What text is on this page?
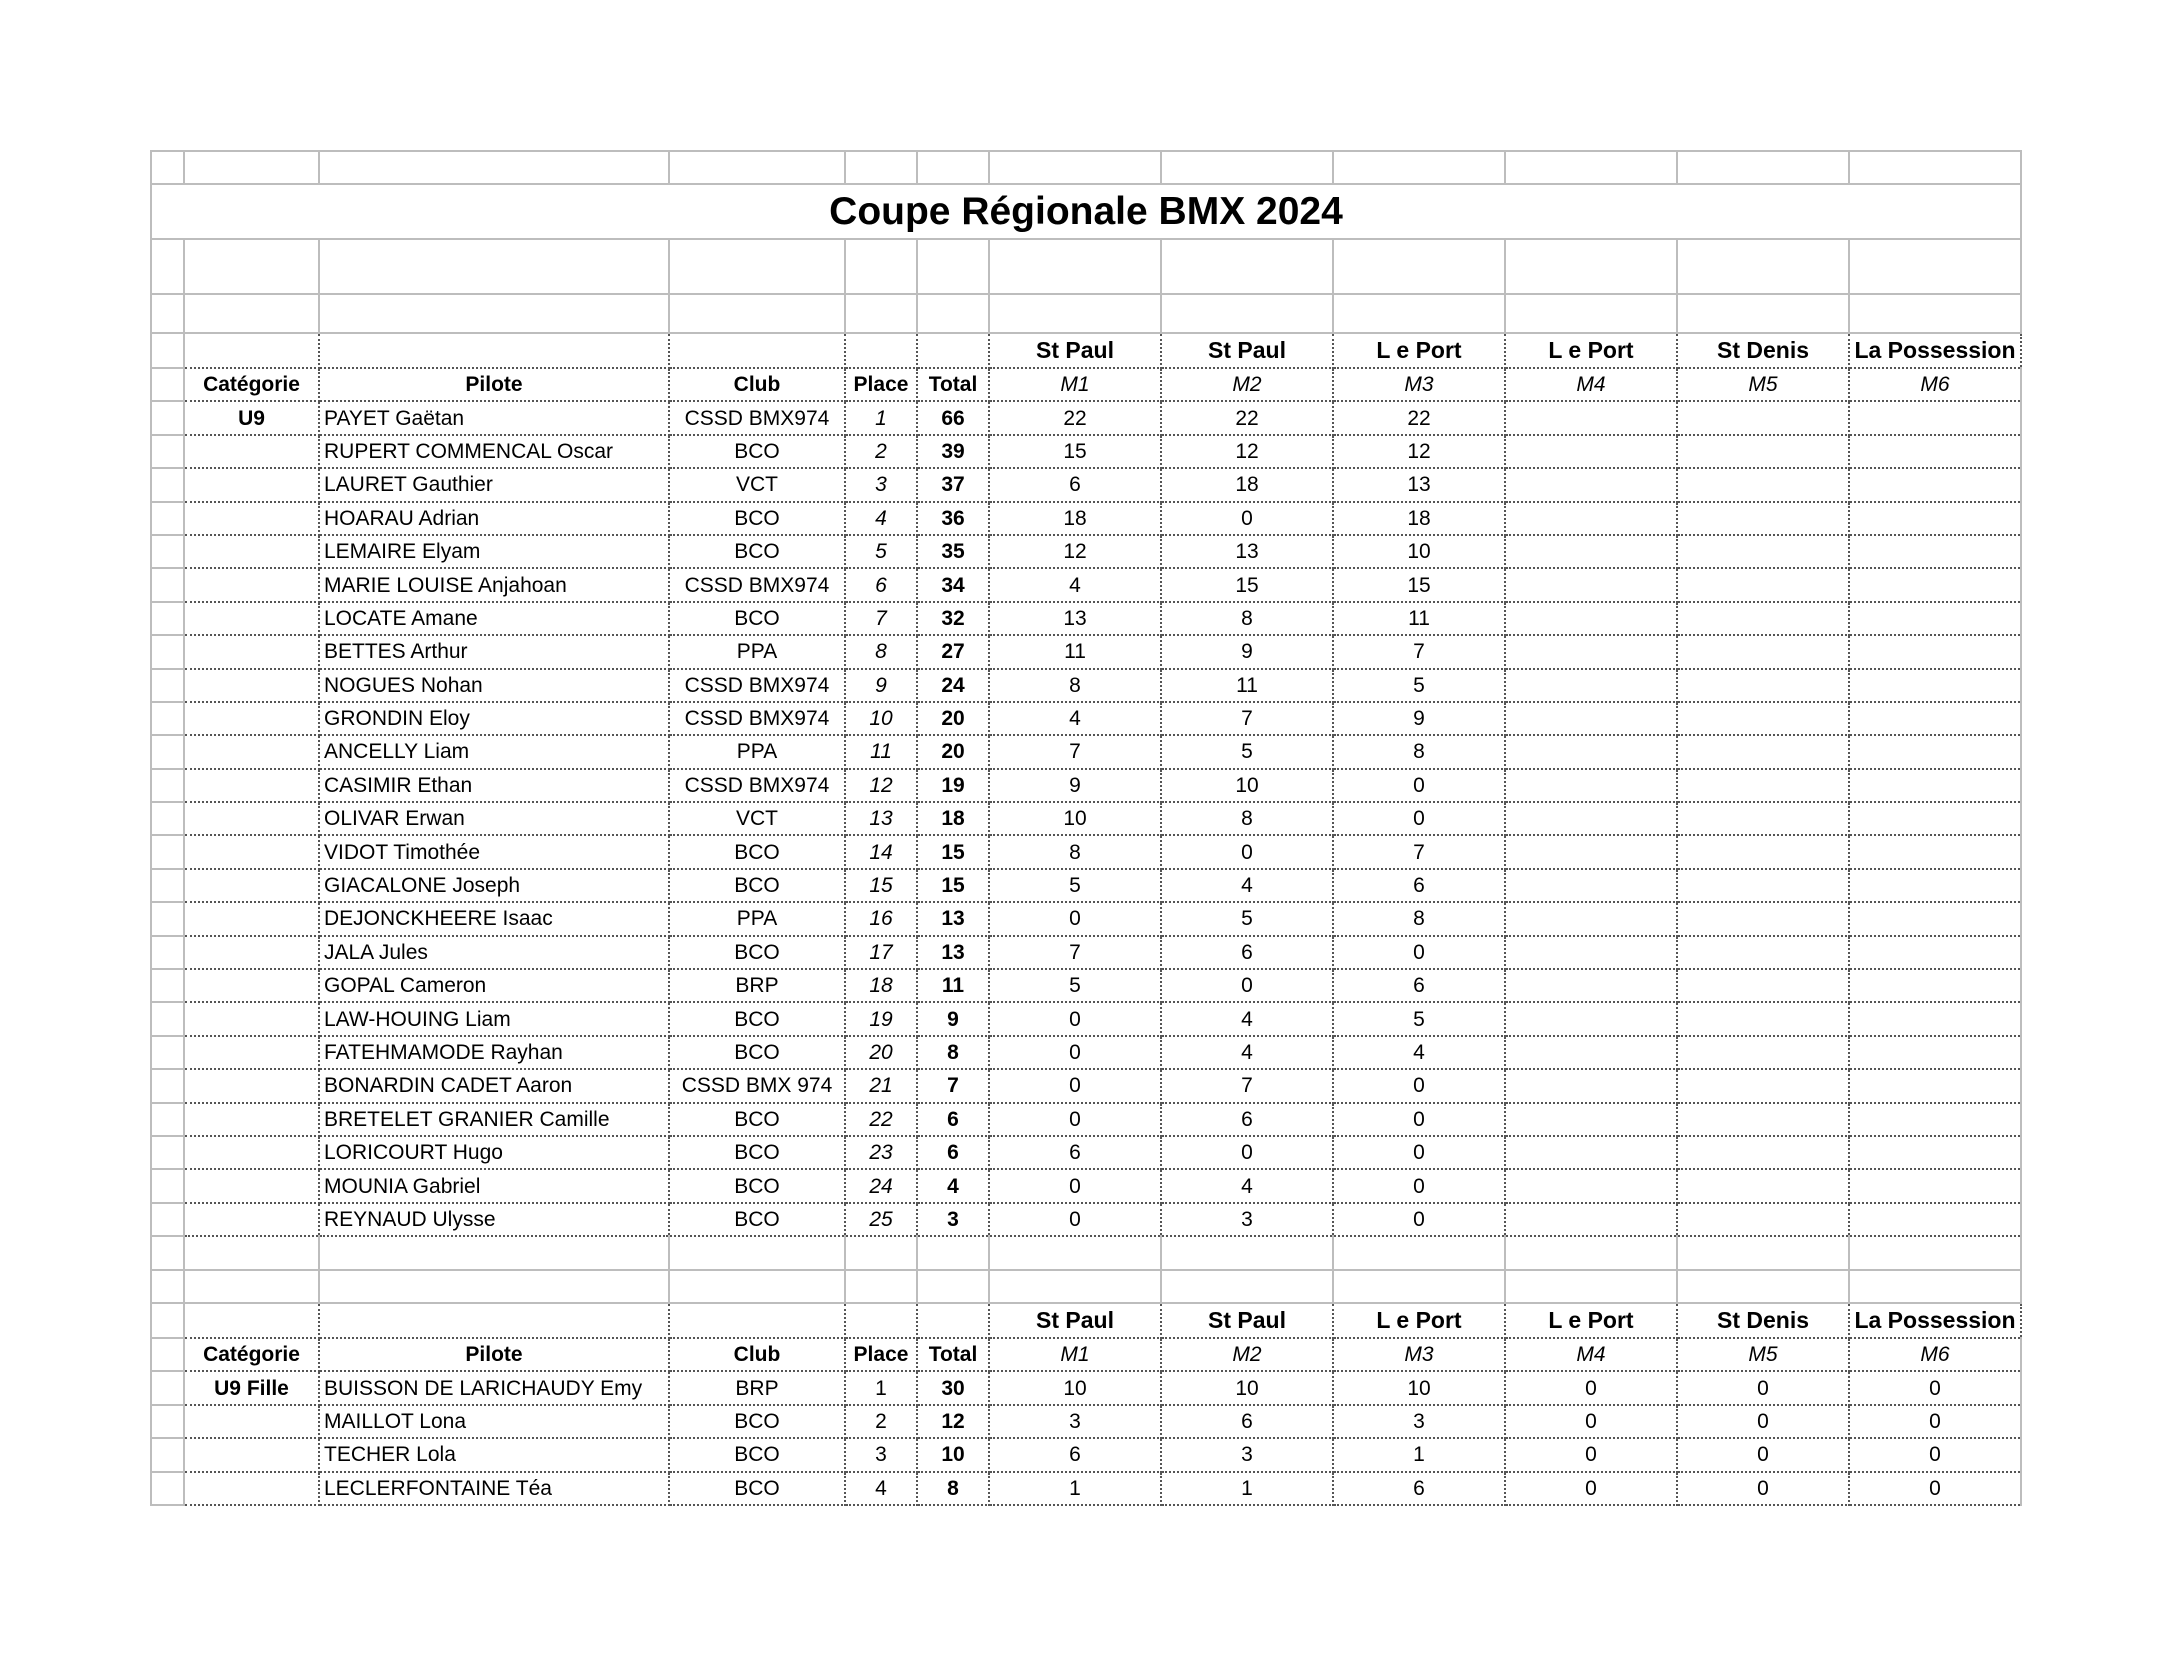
Coupe Régionale BMX 2024											

						St Paul	St Paul	L e Port	L e Port	St Denis	La Possession
	Catégorie	Pilote	Club	Place	Total	M1	M2	M3	M4	M5	M6
	U9	PAYET Gaëtan	CSSD BMX974	1	66	22	22	22			
		RUPERT COMMENCAL Oscar	BCO	2	39	15	12	12			
		LAURET Gauthier	VCT	3	37	6	18	13			
		HOARAU Adrian	BCO	4	36	18	0	18			
		LEMAIRE Elyam	BCO	5	35	12	13	10			
		MARIE LOUISE Anjahoan	CSSD BMX974	6	34	4	15	15			
		LOCATE Amane	BCO	7	32	13	8	11			
		BETTES Arthur	PPA	8	27	11	9	7			
		NOGUES Nohan	CSSD BMX974	9	24	8	11	5			
		GRONDIN Eloy	CSSD BMX974	10	20	4	7	9			
		ANCELLY Liam	PPA	11	20	7	5	8			
		CASIMIR Ethan	CSSD BMX974	12	19	9	10	0			
		OLIVAR Erwan	VCT	13	18	10	8	0			
		VIDOT Timothée	BCO	14	15	8	0	7			
		GIACALONE Joseph	BCO	15	15	5	4	6			
		DEJONCKHEERE Isaac	PPA	16	13	0	5	8			
		JALA Jules	BCO	17	13	7	6	0			
		GOPAL Cameron	BRP	18	11	5	0	6			
		LAW-HOUING Liam	BCO	19	9	0	4	5			
		FATEHMAMODE Rayhan	BCO	20	8	0	4	4			
		BONARDIN CADET Aaron	CSSD BMX 974	21	7	0	7	0			
		BRETELET GRANIER Camille	BCO	22	6	0	6	0			
		LORICOURT Hugo	BCO	23	6	6	0	0			
		MOUNIA Gabriel	BCO	24	4	0	4	0			
		REYNAUD Ulysse	BCO	25	3	0	3	0			

						St Paul	St Paul	L e Port	L e Port	St Denis	La Possession
	Catégorie	Pilote	Club	Place	Total	M1	M2	M3	M4	M5	M6
	U9 Fille	BUISSON DE LARICHAUDY Emy	BRP	1	30	10	10	10	0	0	0
		MAILLOT Lona	BCO	2	12	3	6	3	0	0	0
		TECHER Lola	BCO	3	10	6	3	1	0	0	0
		LECLERFONTAINE Téa	BCO	4	8	1	1	6	0	0	0
